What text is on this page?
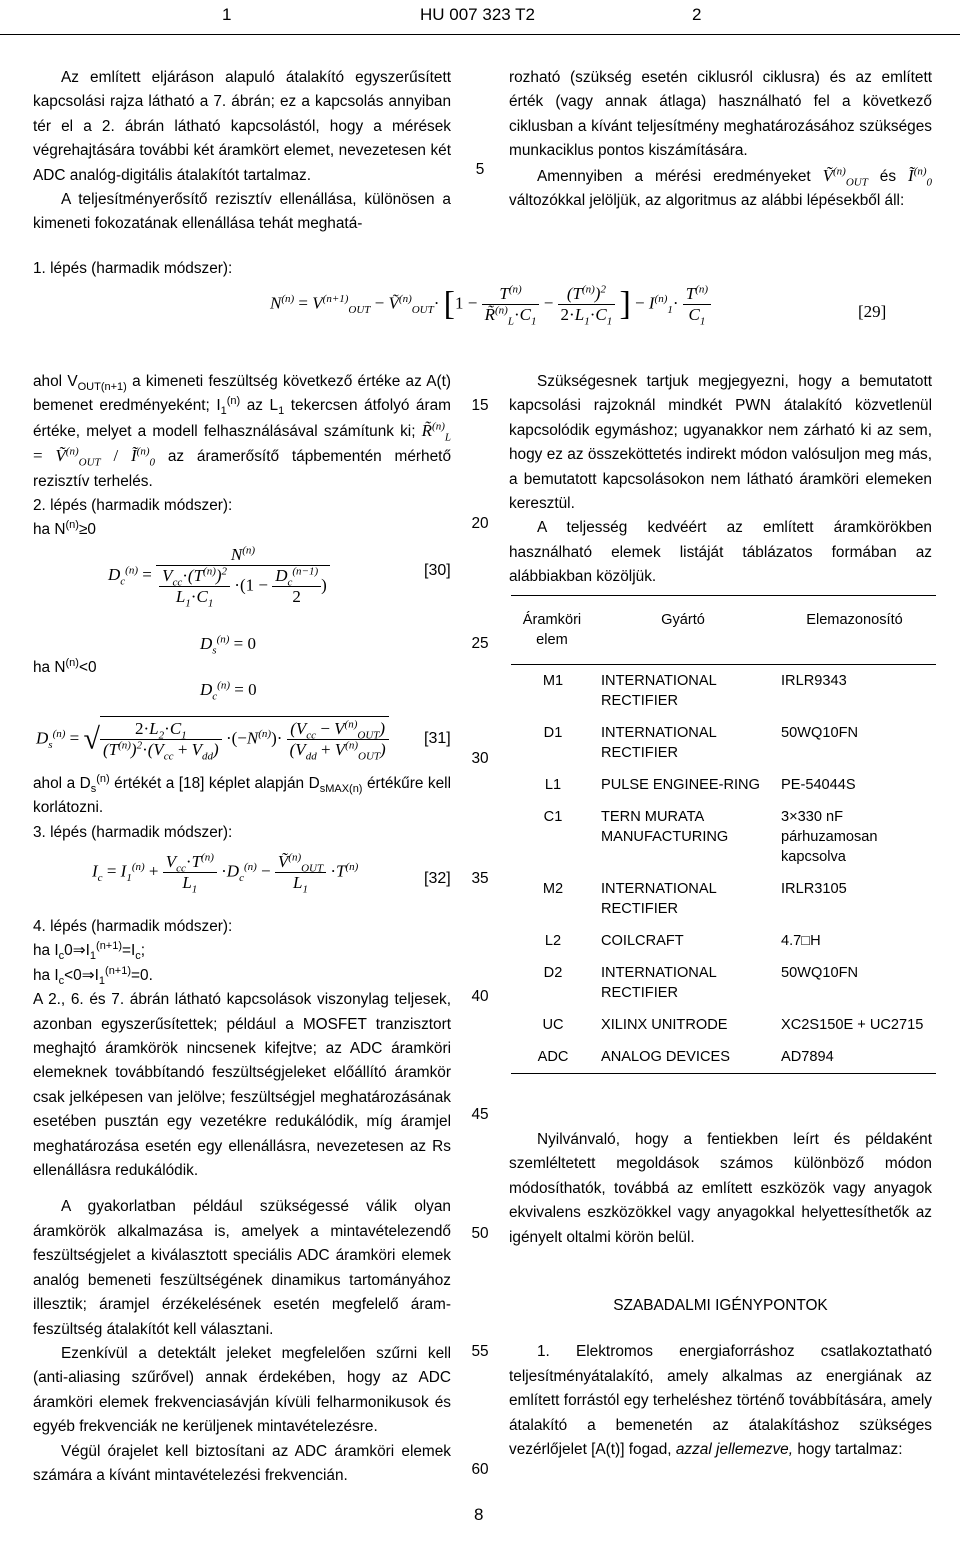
1	HU 007 323 T2	2
Az említett eljáráson alapuló átalakító egyszerűsített kapcsolási rajza látható a 7. ábrán; ez a kapcsolás annyiban tér el a 2. ábrán látható kapcsolástól, hogy a mérések végrehajtására további két áramkört elemet, nevezetesen két ADC analóg-digitális átalakítót tartalmaz.
A teljesítményerősítő rezisztív ellenállása, különösen a kimeneti fokozatának ellenállása tehát meghatá-
rozható (szükség esetén ciklusról ciklusra) és az említett érték (vagy annak átlaga) használható fel a következő ciklusban a kívánt teljesítmény meghatározásához szükséges munkaciklus pontos kiszámítására.
Amennyiben a mérési eredményeket Ṽ$^{(n)}_{OUT}$ és $Ĩ^{(n)}_0$ változókkal jelöljük, az algoritmus az alábbi lépésekből áll:
1. lépés (harmadik módszer):
$N^{(n)} = V^{(n+1)}_{OUT}$ − Ṽ$^{(n)}_{OUT}$· [$1 - \frac{T^{(n)}}{R̃^{(n)}_L\cdot C_1} - \frac{(T^{(n)})^2}{2\cdot L_1\cdot C_1}$ ] − $I^{(n)}_1\cdot \frac{T^{(n)}}{C_1}$	[29]
ahol $V_{OUT(n+1)}$ a kimeneti feszültség következő értéke az A(t) bemenet eredményeként; $I_1^{(n)}$ az $L_1$ tekercsen átfolyó áram értéke, melyet a modell felhasználásával számítunk ki; R̃$^{(n)}_L$ = Ṽ$^{(n)}_{OUT}$ / $Ĩ^{(n)}_0$ az áramerősítő tápbementén mérhető rezisztív terhelés.
2. lépés (harmadik módszer):
ha $N^{(n)}\ge 0$
$D_c^{(n)} = \frac{N^{(n)}}{\frac{V_{cc}\cdot(T^{(n)})^2}{L_1\cdot C_1} \cdot(1 - \frac{D_c^{(n-1)}}{2} )}$	[30]
$D_s^{(n)} = 0$
ha $N^{(n)}<0$
$D_c^{(n)} = 0$
$D_s^{(n)}$ = √ $\frac{2\cdot L_2\cdot C_1}{(T^{(n)})^2\cdot(V_{cc} + V_{dd})} \cdot(-N^{(n)})\cdot \frac{(V_{cc} - V^{(n)}_{OUT})}{(V_{dd} + V^{(n)}_{OUT})} [31]$
ahol a $D_s^{(n)}$ értékét a [18] képlet alapján $D_{sMAX(n)}$ értékűre kell korlátozni.
3. lépés (harmadik módszer):
$I_c = I_1^{(n)} + \frac{V_{cc}\cdot T^{(n)}}{L_1} \cdot D_c^{(n)} - \frac{Ṽ^{(n)}_{OUT}}{L_1} \cdot T^{(n)}$
[32]
4. lépés (harmadik módszer):
ha $I_c0\Rightarrow I_1^{(n+1)}=I_c$;
ha $I_c<0\Rightarrow I_1^{(n+1)}=0$.
A 2., 6. és 7. ábrán látható kapcsolások viszonylag teljesek, azonban egyszerűsítettek; például a MOSFET tranzisztort meghajtó áramkörök nincsenek kifejtve; az ADC áramköri elemeknek továbbítandó feszültségjeleket előállító áramkör csak jelképesen van jelölve; feszültségjel meghatározásának esetében pusztán egy vezetékre redukálódik, míg áramjel meghatározása esetén egy ellenállásra, nevezetesen az Rs ellenállásra redukálódik.
A gyakorlatban például szükségessé válik olyan áramkörök alkalmazása is, amelyek a mintavételezendő feszültségjelet a kiválasztott speciális ADC áramköri elemek analóg bemeneti feszültségének dinamikus tartományához illesztik; áramjel érzékelésének esetén megfelelő áram-feszültség átalakítót kell választani.
Ezenkívül a detektált jeleket megfelelően szűrni kell (anti-aliasing szűrővel) annak érdekében, hogy az ADC áramköri elemek frekvenciasávján kívüli felharmonikusok és egyéb frekvenciák ne kerüljenek mintavételezésre.
Végül órajelet kell biztosítani az ADC áramköri elemek számára a kívánt mintavételezési frekvencián.
5
15
20
25
30
35
40
45
50
55
60
Szükségesnek tartjuk megjegyezni, hogy a bemutatott kapcsolási rajzoknál mindkét PWN átalakító közvetlenül kapcsolódik egymáshoz; ugyanakkor nem zárható ki az sem, hogy ez az összeköttetés indirekt módon valósuljon meg más, a bemutatott kapcsolásokon nem látható áramköri elemeken keresztül.
A teljesség kedvéért az említett áramkörökben használható elemek listáját táblázatos formában az alábbiakban közöljük.
Áramköri elem	Gyártó	Elemazonosító
M1	INTERNATIONAL RECTIFIER	IRLR9343
D1	INTERNATIONAL RECTIFIER	50WQ10FN
L1	PULSE ENGINEE-RING	PE-54044S
C1	TERN MURATA MANUFACTURING	3×330 nF párhuzamosan kapcsolva
M2	INTERNATIONAL RECTIFIER	IRLR3105
L2	COILCRAFT	4.7□H
D2	INTERNATIONAL RECTIFIER	50WQ10FN
UC	XILINX UNITRODE	XC2S150E + UC2715
ADC	ANALOG DEVICES	AD7894
Nyilvánvaló, hogy a fentiekben leírt és példaként szemléltetett megoldások számos különböző módon módosíthatók, továbbá az említett eszközök vagy anyagok ekvivalens eszközökkel vagy anyagokkal helyettesíthetők az igényelt oltalmi körön belül.
SZABADALMI IGÉNYPONTOK
1. Elektromos energiaforráshoz csatlakoztatható teljesítményátalakító, amely alkalmas az energiának az említett forrástól egy terheléshez történő továbbítására, amely átalakító a bemenetén az átalakításhoz szükséges vezérlőjelet [A(t)] fogad, azzal jellemezve, hogy tartalmaz:
8
